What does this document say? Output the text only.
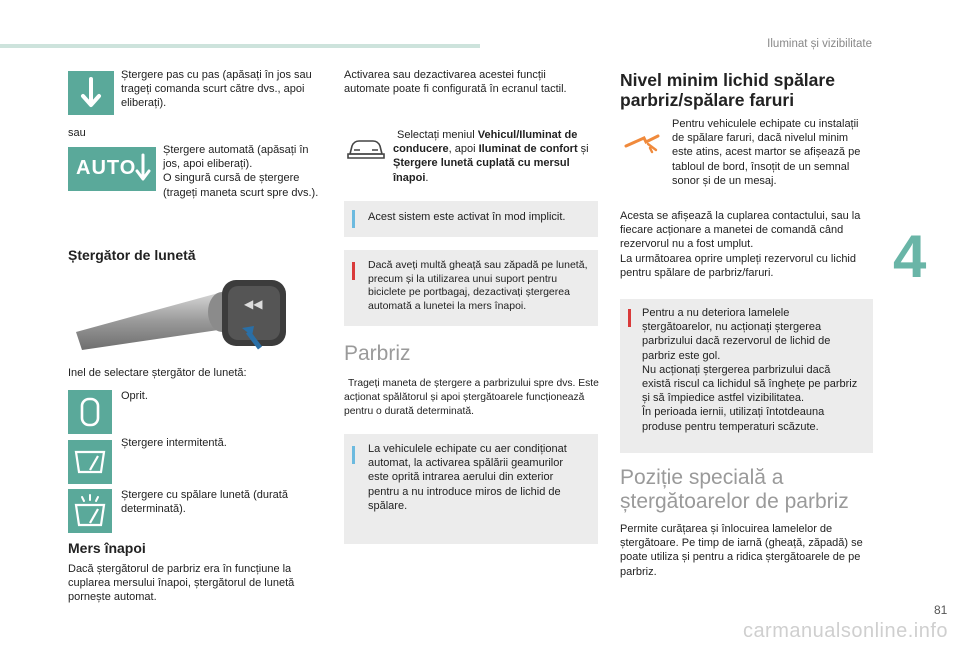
Iluminat și vizibilitate
4
Ștergere pas cu pas (apăsați în jos sau trageți comanda scurt către dvs., apoi eliberați).
sau
AUTO
Ștergere automată (apăsați în jos, apoi eliberați).
O singură cursă de ștergere (trageți maneta scurt spre dvs.).
Ștergător de lunetă
◀◀
Inel de selectare ștergător de lunetă:
Oprit.
Ștergere intermitentă.
Ștergere cu spălare lunetă (durată determinată).
Mers înapoi
Dacă ștergătorul de parbriz era în funcțiune la cuplarea mersului înapoi, ștergătorul de lunetă pornește automat.
Activarea sau dezactivarea acestei funcții automate poate fi configurată în ecranul tactil.
Selectați meniul Vehicul/Iluminat de conducere, apoi Iluminat de confort și Ștergere lunetă cuplată cu mersul înapoi.
Acest sistem este activat în mod implicit.
Dacă aveți multă gheață sau zăpadă pe lunetă, precum și la utilizarea unui suport pentru biciclete pe portbagaj, dezactivați ștergerea automată a lunetei la mers înapoi.
Parbriz
Trageți maneta de ștergere a parbrizului spre dvs. Este acționat spălătorul și apoi ștergătoarele funcționează pentru o durată determinată.
La vehiculele echipate cu aer condiționat automat, la activarea spălării geamurilor este oprită intrarea aerului din exterior pentru a nu introduce miros de lichid de spălare.
Nivel minim lichid spălare parbriz/spălare faruri
Pentru vehiculele echipate cu instalații de spălare faruri, dacă nivelul minim este atins, acest martor se afișează pe tabloul de bord, însoțit de un semnal sonor și de un mesaj.
Acesta se afișează la cuplarea contactului, sau la fiecare acționare a manetei de comandă când rezervorul nu a fost umplut.
La următoarea oprire umpleți rezervorul cu lichid pentru spălare de parbriz/faruri.
Pentru a nu deteriora lamelele ștergătoarelor, nu acționați ștergerea parbrizului dacă rezervorul de lichid de parbriz este gol.
Nu acționați ștergerea parbrizului dacă există riscul ca lichidul să înghețe pe parbriz și să împiedice astfel vizibilitatea.
În perioada iernii, utilizați întotdeauna produse pentru temperaturi scăzute.
Poziție specială a ștergătoarelor de parbriz
Permite curățarea și înlocuirea lamelelor de ștergătoare. Pe timp de iarnă (gheață, zăpadă) se poate utiliza și pentru a ridica ștergătoarele de pe parbriz.
81
carmanualsonline.info
